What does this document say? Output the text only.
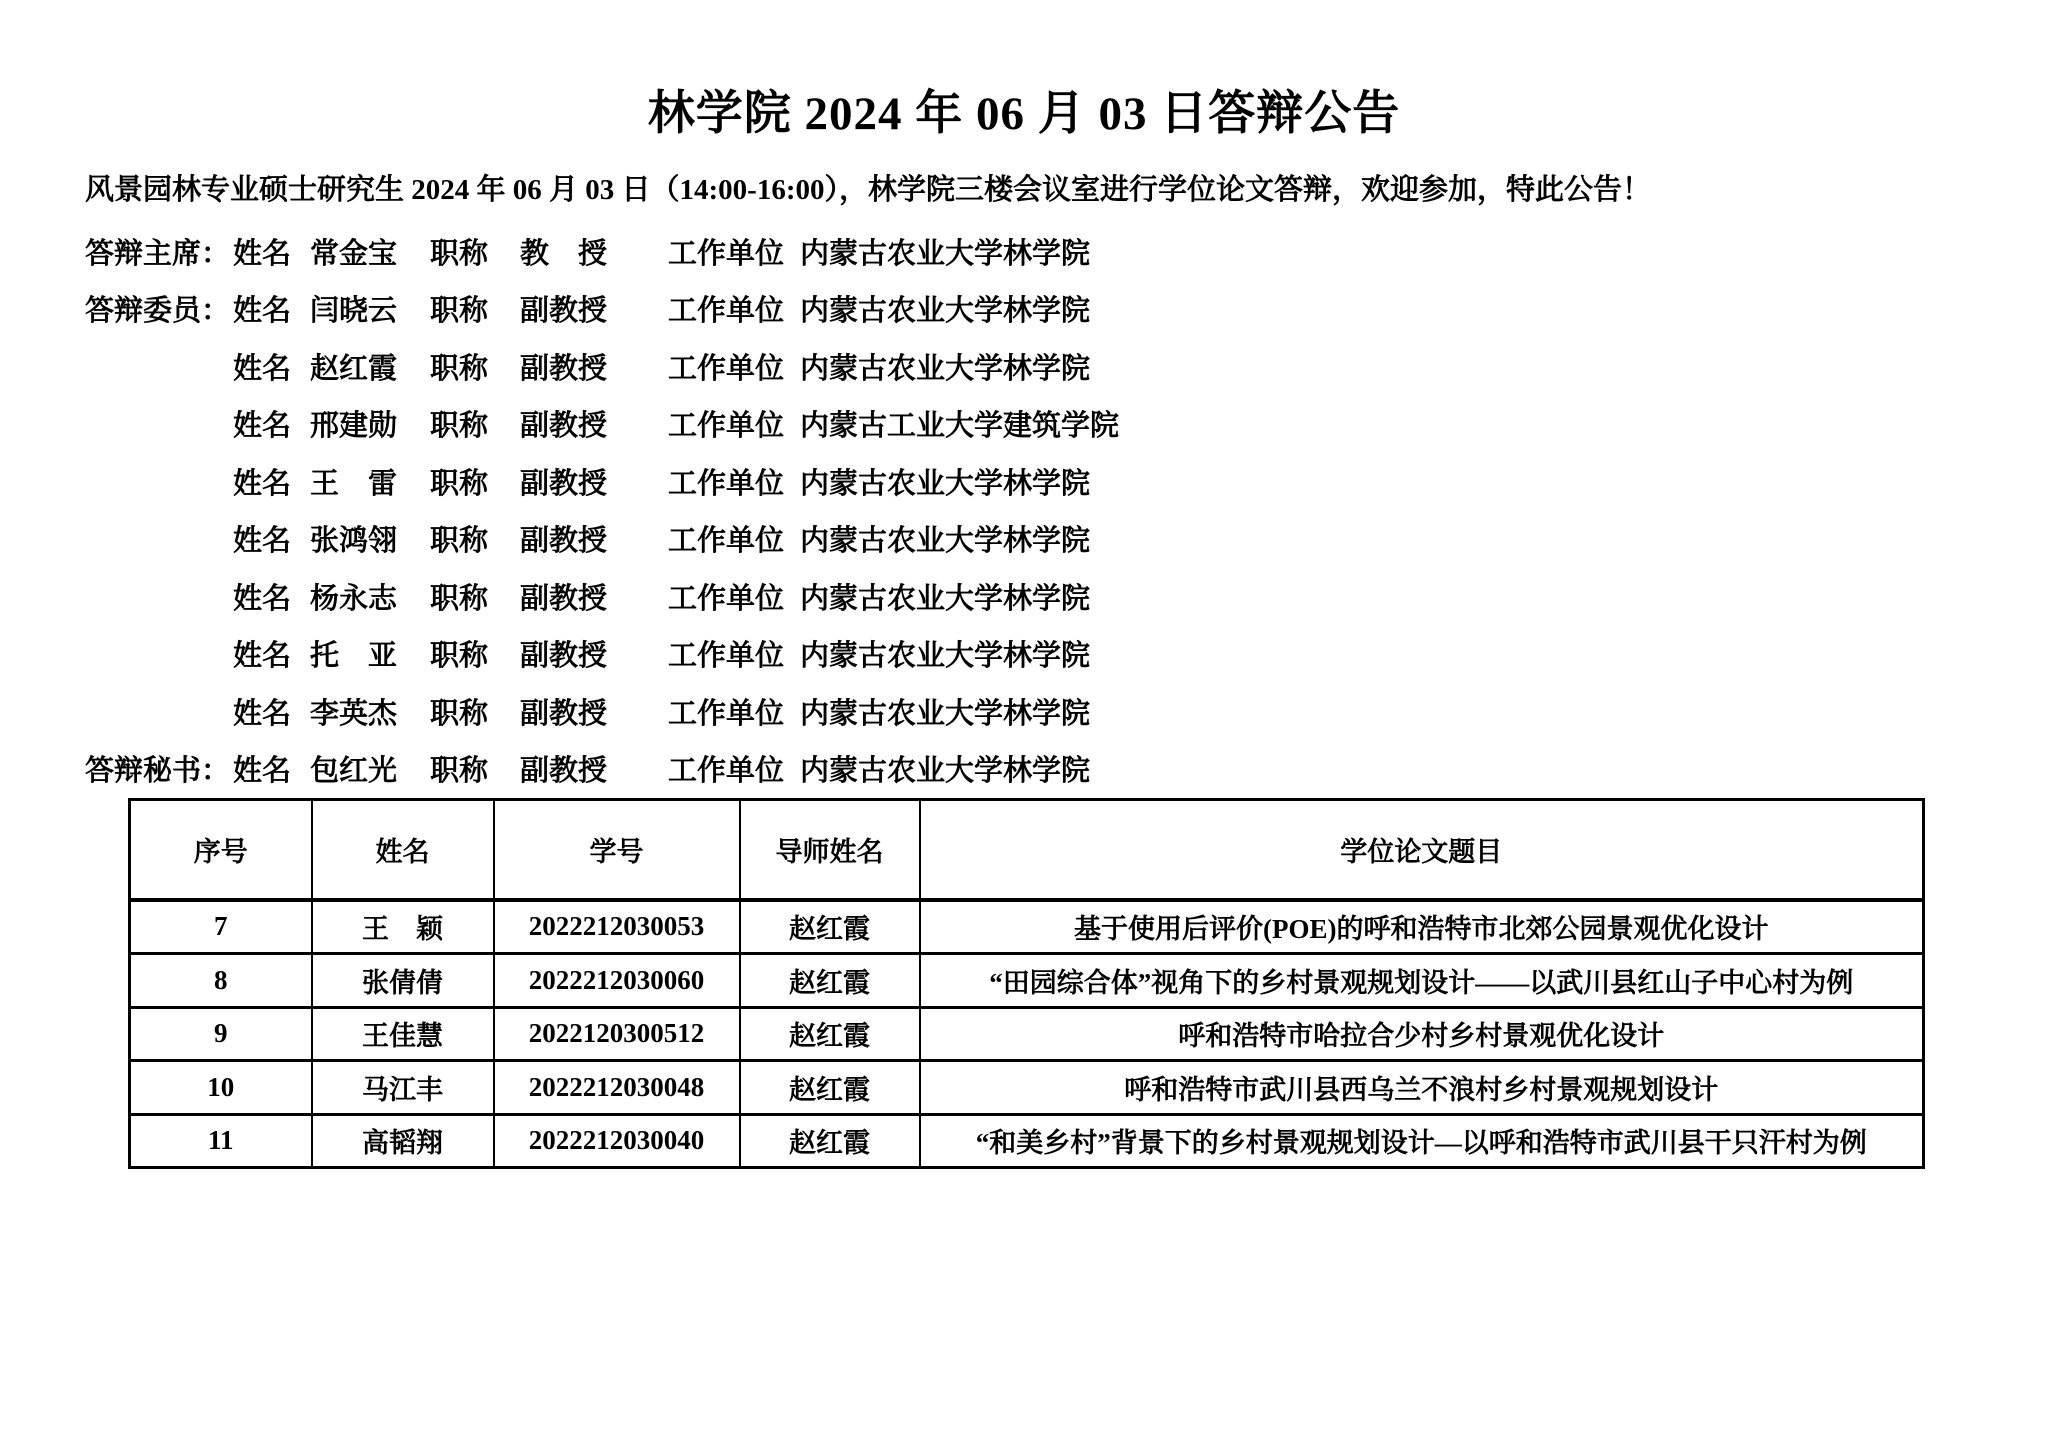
林学院 2024 年 06 月 03 日答辩公告

风景园林专业硕士研究生 2024 年 06 月 03 日（14:00-16:00），林学院三楼会议室进行学位论文答辩，欢迎参加，特此公告！

答辩主席： 姓名 常金宝	职称	教　授	工作单位 内蒙古农业大学林学院
答辩委员： 姓名 闫晓云	职称	副教授	工作单位 内蒙古农业大学林学院
姓名 赵红霞	职称	副教授	工作单位 内蒙古农业大学林学院
姓名 邢建勋	职称	副教授	工作单位 内蒙古工业大学建筑学院
姓名 王　雷	职称	副教授	工作单位 内蒙古农业大学林学院
姓名 张鸿翎	职称	副教授	工作单位 内蒙古农业大学林学院
姓名 杨永志	职称	副教授	工作单位 内蒙古农业大学林学院
姓名 托　亚	职称	副教授	工作单位 内蒙古农业大学林学院
姓名 李英杰	职称	副教授	工作单位 内蒙古农业大学林学院
答辩秘书： 姓名 包红光	职称	副教授	工作单位 内蒙古农业大学林学院
序号	姓名	学号	导师姓名	学位论文题目
7	王　颖	2022212030053	赵红霞	基于使用后评价(POE)的呼和浩特市北郊公园景观优化设计
8	张倩倩	2022212030060	赵红霞	“田园综合体”视角下的乡村景观规划设计——以武川县红山子中心村为例
9	王佳慧	2022120300512	赵红霞	呼和浩特市哈拉合少村乡村景观优化设计
10	马江丰	2022212030048	赵红霞	呼和浩特市武川县西乌兰不浪村乡村景观规划设计
11	高韬翔	2022212030040	赵红霞	“和美乡村”背景下的乡村景观规划设计—以呼和浩特市武川县干只汗村为例
